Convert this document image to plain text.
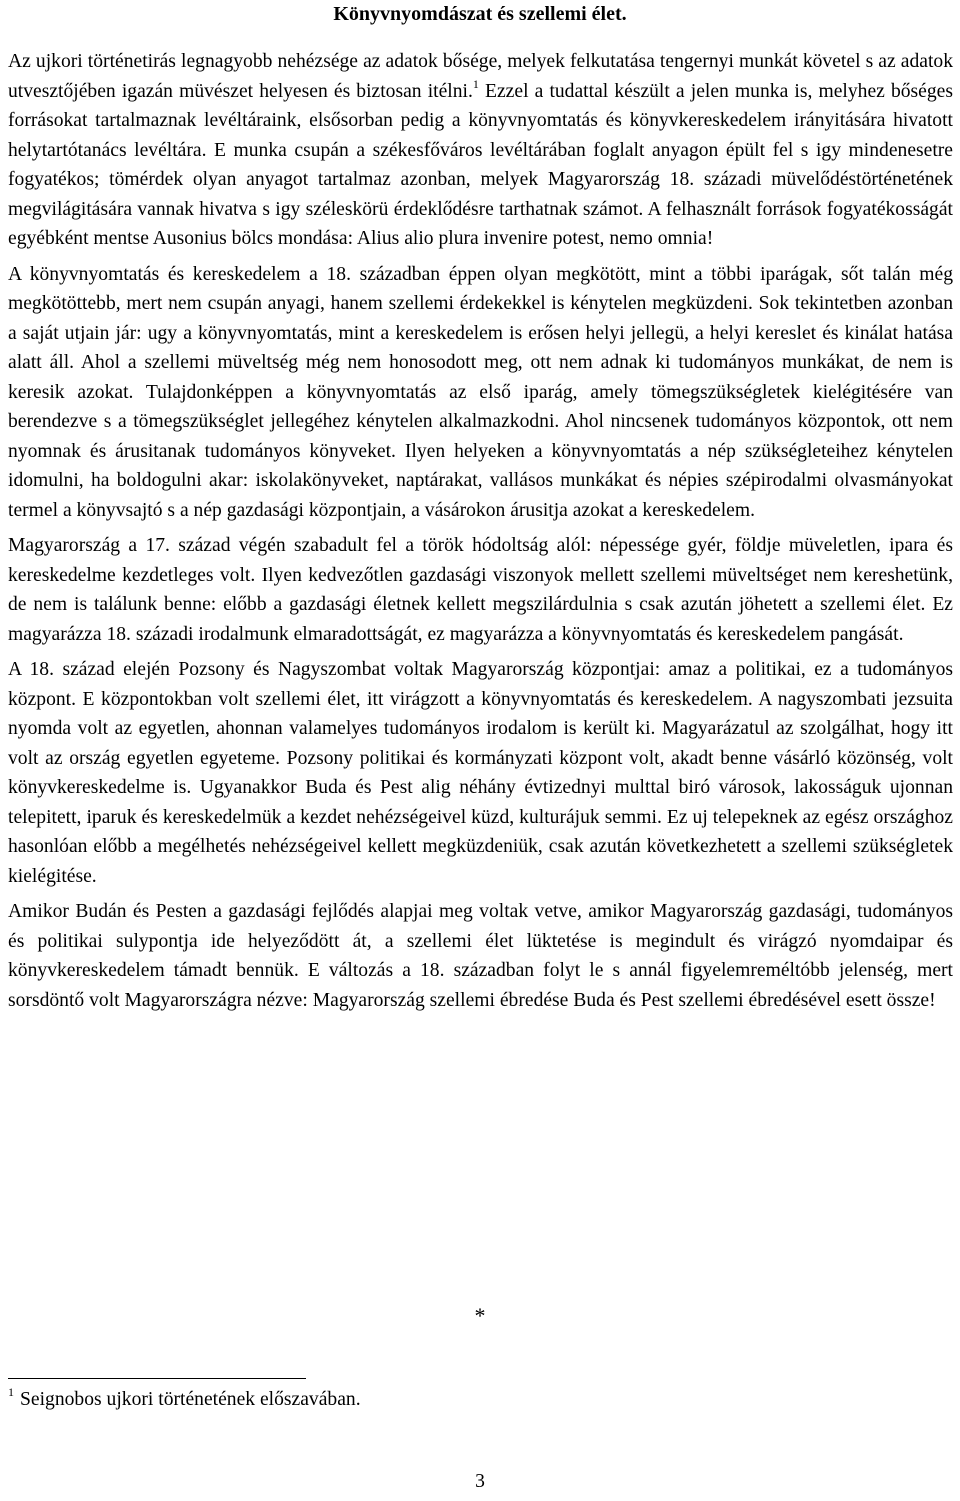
Könyvnyomdászat és szellemi élet.

Az ujkori történetirás legnagyobb nehézsége az adatok bősége, melyek felkutatása tengernyi munkát követel s az adatok utvesztőjében igazán müvészet helyesen és biztosan itélni.$^1$ Ezzel a tudattal készült a jelen munka is, melyhez bőséges forrásokat tartalmaznak levéltáraink, elsősorban pedig a könyvnyomtatás és könyvkereskedelem irányitására hivatott helytartótanács levéltára. E munka csupán a székesfőváros levéltárában foglalt anyagon épült fel s igy mindenesetre fogyatékos; tömérdek olyan anyagot tartalmaz azonban, melyek Magyarország 18. századi müvelődéstörténetének megvilágitására vannak hivatva s igy széleskörü érdeklődésre tarthatnak számot. A felhasznált források fogyatékosságát egyébként mentse Ausonius bölcs mondása: Alius alio plura invenire potest, nemo omnia!

A könyvnyomtatás és kereskedelem a 18. században éppen olyan megkötött, mint a többi iparágak, sőt talán még megkötöttebb, mert nem csupán anyagi, hanem szellemi érdekekkel is kénytelen megküzdeni. Sok tekintetben azonban a saját utjain jár: ugy a könyvnyomtatás, mint a kereskedelem is erősen helyi jellegü, a helyi kereslet és kinálat hatása alatt áll. Ahol a szellemi müveltség még nem honosodott meg, ott nem adnak ki tudományos munkákat, de nem is keresik azokat. Tulajdonképpen a könyvnyomtatás az első iparág, amely tömegszükségletek kielégitésére van berendezve s a tömegszükséglet jellegéhez kénytelen alkalmazkodni. Ahol nincsenek tudományos központok, ott nem nyomnak és árusitanak tudományos könyveket. Ilyen helyeken a könyvnyomtatás a nép szükségleteihez kénytelen idomulni, ha boldogulni akar: iskolakönyveket, naptárakat, vallásos munkákat és népies szépirodalmi olvasmányokat termel a könyvsajtó s a nép gazdasági központjain, a vásárokon árusitja azokat a kereskedelem.

Magyarország a 17. század végén szabadult fel a török hódoltság alól: népessége gyér, földje müveletlen, ipara és kereskedelme kezdetleges volt. Ilyen kedvezőtlen gazdasági viszonyok mellett szellemi müveltséget nem kereshetünk, de nem is találunk benne: előbb a gazdasági életnek kellett megszilárdulnia s csak azután jöhetett a szellemi élet. Ez magyarázza 18. századi irodalmunk elmaradottságát, ez magyarázza a könyvnyomtatás és kereskedelem pangását.

A 18. század elején Pozsony és Nagyszombat voltak Magyarország központjai: amaz a politikai, ez a tudományos központ. E központokban volt szellemi élet, itt virágzott a könyvnyomtatás és kereskedelem. A nagyszombati jezsuita nyomda volt az egyetlen, ahonnan valamelyes tudományos irodalom is került ki. Magyarázatul az szolgálhat, hogy itt volt az ország egyetlen egyeteme. Pozsony politikai és kormányzati központ volt, akadt benne vásárló közönség, volt könyvkereskedelme is. Ugyanakkor Buda és Pest alig néhány évtizednyi multtal biró városok, lakosságuk ujonnan telepitett, iparuk és kereskedelmük a kezdet nehézségeivel küzd, kulturájuk semmi. Ez uj telepeknek az egész országhoz hasonlóan előbb a megélhetés nehézségeivel kellett megküzdeniük, csak azután következhetett a szellemi szükségletek kielégitése.

Amikor Budán és Pesten a gazdasági fejlődés alapjai meg voltak vetve, amikor Magyarország gazdasági, tudományos és politikai sulypontja ide helyeződött át, a szellemi élet lüktetése is megindult és virágzó nyomdaipar és könyvkereskedelem támadt bennük. E változás a 18. században folyt le s annál figyelemreméltóbb jelenség, mert sorsdöntő volt Magyarországra nézve: Magyarország szellemi ébredése Buda és Pest szellemi ébredésével esett össze!

*
$^1$ Seignobos ujkori történetének előszavában.
3
